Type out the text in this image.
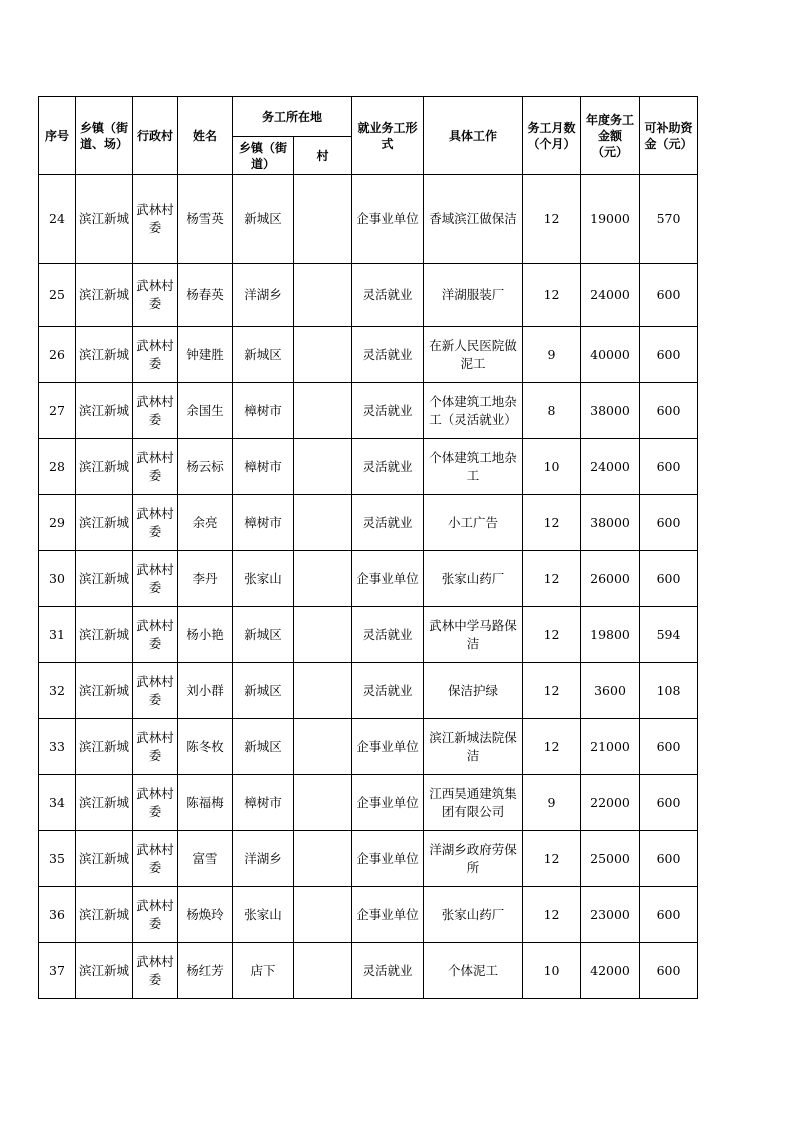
序号	乡镇（街道、场）	行政村	姓名	务工所在地		就业务工形式	具体工作	务工月数（个月）	年度务工金额（元）	可补助资金（元）
				乡镇（街道）	村					
24	滨江新城	武林村委	杨雪英	新城区		企事业单位	香域滨江做保洁	12	19000	570
25	滨江新城	武林村委	杨春英	洋湖乡		灵活就业	洋湖服装厂	12	24000	600
26	滨江新城	武林村委	钟建胜	新城区		灵活就业	在新人民医院做泥工	9	40000	600
27	滨江新城	武林村委	余国生	樟树市		灵活就业	个体建筑工地杂工（灵活就业）	8	38000	600
28	滨江新城	武林村委	杨云标	樟树市		灵活就业	个体建筑工地杂工	10	24000	600
29	滨江新城	武林村委	余亮	樟树市		灵活就业	小工广告	12	38000	600
30	滨江新城	武林村委	李丹	张家山		企事业单位	张家山药厂	12	26000	600
31	滨江新城	武林村委	杨小艳	新城区		灵活就业	武林中学马路保洁	12	19800	594
32	滨江新城	武林村委	刘小群	新城区		灵活就业	保洁护绿	12	3600	108
33	滨江新城	武林村委	陈冬枚	新城区		企事业单位	滨江新城法院保洁	12	21000	600
34	滨江新城	武林村委	陈福梅	樟树市		企事业单位	江西昊通建筑集团有限公司	9	22000	600
35	滨江新城	武林村委	富雪	洋湖乡		企事业单位	洋湖乡政府劳保所	12	25000	600
36	滨江新城	武林村委	杨焕玲	张家山		企事业单位	张家山药厂	12	23000	600
37	滨江新城	武林村委	杨红芳	店下		灵活就业	个体泥工	10	42000	600
